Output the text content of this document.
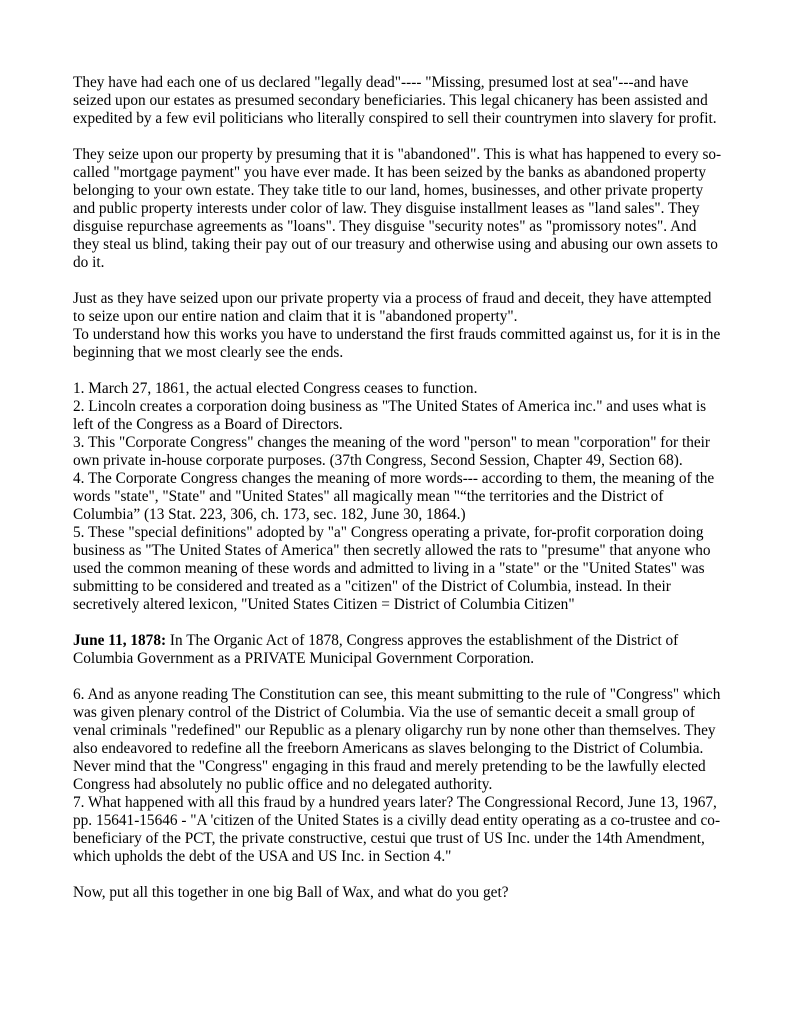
They have had each one of us declared "legally dead"---- "Missing, presumed lost at sea"---and have seized upon our estates as presumed secondary beneficiaries. This legal chicanery has been assisted and expedited by a few evil politicians who literally conspired to sell their countrymen into slavery for profit.

They seize upon our property by presuming that it is "abandoned". This is what has happened to every so-called "mortgage payment" you have ever made. It has been seized by the banks as abandoned property belonging to your own estate. They take title to our land, homes, businesses, and other private property and public property interests under color of law. They disguise installment leases as "land sales". They disguise repurchase agreements as "loans". They disguise "security notes" as "promissory notes". And they steal us blind, taking their pay out of our treasury and otherwise using and abusing our own assets to do it.

Just as they have seized upon our private property via a process of fraud and deceit, they have attempted to seize upon our entire nation and claim that it is "abandoned property".

To understand how this works you have to understand the first frauds committed against us, for it is in the beginning that we most clearly see the ends.

1. March 27, 1861, the actual elected Congress ceases to function.

2. Lincoln creates a corporation doing business as "The United States of America inc." and uses what is left of the Congress as a Board of Directors.

3. This "Corporate Congress" changes the meaning of the word "person" to mean "corporation" for their own private in-house corporate purposes. (37th Congress, Second Session, Chapter 49, Section 68).

4. The Corporate Congress changes the meaning of more words--- according to them, the meaning of the words "state", "State" and "United States" all magically mean "“the territories and the District of Columbia” (13 Stat. 223, 306, ch. 173, sec. 182, June 30, 1864.)

5. These "special definitions" adopted by "a" Congress operating a private, for-profit corporation doing business as "The United States of America" then secretly allowed the rats to "presume" that anyone who used the common meaning of these words and admitted to living in a "state" or the "United States" was submitting to be considered and treated as a "citizen" of the District of Columbia, instead. In their secretively altered lexicon, "United States Citizen = District of Columbia Citizen"

June 11, 1878: In The Organic Act of 1878, Congress approves the establishment of the District of Columbia Government as a PRIVATE Municipal Government Corporation.

6. And as anyone reading The Constitution can see, this meant submitting to the rule of "Congress" which was given plenary control of the District of Columbia. Via the use of semantic deceit a small group of venal criminals "redefined" our Republic as a plenary oligarchy run by none other than themselves. They also endeavored to redefine all the freeborn Americans as slaves belonging to the District of Columbia. Never mind that the "Congress" engaging in this fraud and merely pretending to be the lawfully elected Congress had absolutely no public office and no delegated authority.

7. What happened with all this fraud by a hundred years later? The Congressional Record, June 13, 1967, pp. 15641-15646 - "A 'citizen of the United States is a civilly dead entity operating as a co-trustee and co-beneficiary of the PCT, the private constructive, cestui que trust of US Inc. under the 14th Amendment, which upholds the debt of the USA and US Inc. in Section 4."

Now, put all this together in one big Ball of Wax, and what do you get?
